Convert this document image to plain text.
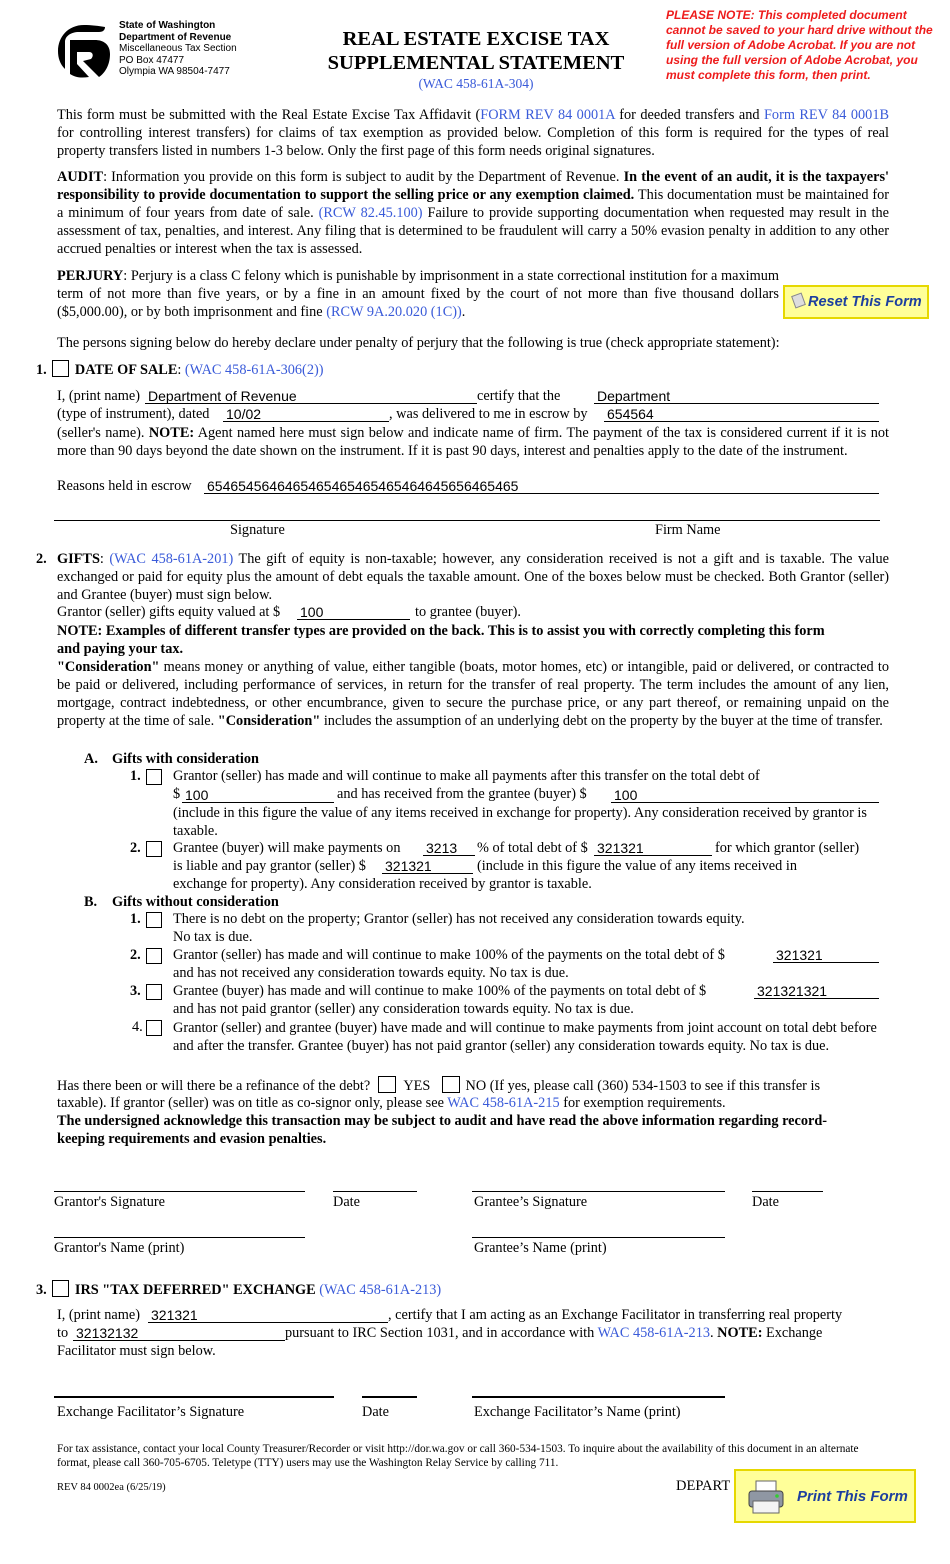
State of Washington
Department of Revenue
Miscellaneous Tax Section
PO Box 47477
Olympia WA 98504-7477
REAL ESTATE EXCISE TAX
SUPPLEMENTAL STATEMENT
(WAC 458-61A-304)
PLEASE NOTE: This completed document cannot be saved to your hard drive without the full version of Adobe Acrobat. If you are not using the full version of Adobe Acrobat, you must complete this form, then print.
This form must be submitted with the Real Estate Excise Tax Affidavit (FORM REV 84 0001A for deeded transfers and Form REV 84 0001B for controlling interest transfers) for claims of tax exemption as provided below. Completion of this form is required for the types of real property transfers listed in numbers 1-3 below. Only the first page of this form needs original signatures.
AUDIT: Information you provide on this form is subject to audit by the Department of Revenue. In the event of an audit, it is the taxpayers' responsibility to provide documentation to support the selling price or any exemption claimed. This documentation must be maintained for a minimum of four years from date of sale. (RCW 82.45.100) Failure to provide supporting documentation when requested may result in the assessment of tax, penalties, and interest. Any filing that is determined to be fraudulent will carry a 50% evasion penalty in addition to any other accrued penalties or interest when the tax is assessed.
PERJURY: Perjury is a class C felony which is punishable by imprisonment in a state correctional institution for a maximum term of not more than five years, or by a fine in an amount fixed by the court of not more than five thousand dollars ($5,000.00), or by both imprisonment and fine (RCW 9A.20.020 (1C)).
Reset This Form
The persons signing below do hereby declare under penalty of perjury that the following is true (check appropriate statement):
1. DATE OF SALE: (WAC 458-61A-306(2))
I, (print name) Department of Revenue	certify that the	Department
(type of instrument), dated 10/02	, was delivered to me in escrow by 654564
(seller's name). NOTE: Agent named here must sign below and indicate name of firm. The payment of the tax is considered current if it is not more than 90 days beyond the date shown on the instrument. If it is past 90 days, interest and penalties apply to the date of the instrument.
Reasons held in escrow 6546545646465465465465465464645656465465
Signature	Firm Name
GIFTS: (WAC 458-61A-201) The gift of equity is non-taxable; however, any consideration received is not a gift and is taxable. The value exchanged or paid for equity plus the amount of debt equals the taxable amount. One of the boxes below must be checked. Both Grantor (seller) and Grantee (buyer) must sign below.
2.
Grantor (seller) gifts equity valued at $ 100	to grantee (buyer).
NOTE: Examples of different transfer types are provided on the back. This is to assist you with correctly completing this form and paying your tax.
"Consideration" means money or anything of value, either tangible (boats, motor homes, etc) or intangible, paid or delivered, or contracted to be paid or delivered, including performance of services, in return for the transfer of real property. The term includes the amount of any lien, mortgage, contract indebtedness, or other encumbrance, given to secure the purchase price, or any part thereof, or remaining unpaid on the property at the time of sale. "Consideration" includes the assumption of an underlying debt on the property by the buyer at the time of transfer.
A. Gifts with consideration
1. Grantor (seller) has made and will continue to make all payments after this transfer on the total debt of
$ 100	and has received from the grantee (buyer) $ 100
(include in this figure the value of any items received in exchange for property). Any consideration received by grantor is taxable.
2. Grantee (buyer) will make payments on 3213	% of total debt of $ 321321	for which grantor (seller)
is liable and pay grantor (seller) $ 321321	(include in this figure the value of any items received in
exchange for property). Any consideration received by grantor is taxable.
B. Gifts without consideration
1. There is no debt on the property; Grantor (seller) has not received any consideration towards equity.
No tax is due.
2. Grantor (seller) has made and will continue to make 100% of the payments on the total debt of $	321321
and has not received any consideration towards equity. No tax is due.
3. Grantee (buyer) has made and will continue to make 100% of the payments on total debt of $	321321321
and has not paid grantor (seller) any consideration towards equity. No tax is due.
4. Grantor (seller) and grantee (buyer) have made and will continue to make payments from joint account on total debt before and after the transfer. Grantee (buyer) has not paid grantor (seller) any consideration towards equity. No tax is due.
Has there been or will there be a refinance of the debt? YES NO (If yes, please call (360) 534-1503 to see if this transfer is
taxable). If grantor (seller) was on title as co-signor only, please see WAC 458-61A-215 for exemption requirements.
The undersigned acknowledge this transaction may be subject to audit and have read the above information regarding record-keeping requirements and evasion penalties.
Grantor's Signature	Date	Grantee’s Signature	Date
Grantor's Name (print)	Grantee’s Name (print)
3. IRS "TAX DEFERRED" EXCHANGE (WAC 458-61A-213)
I, (print name) 321321	, certify that I am acting as an Exchange Facilitator in transferring real property
to 32132132	pursuant to IRC Section 1031, and in accordance with WAC 458-61A-213. NOTE: Exchange
Facilitator must sign below.
Exchange Facilitator’s Signature	Date	Exchange Facilitator’s Name (print)
For tax assistance, contact your local County Treasurer/Recorder or visit http://dor.wa.gov or call 360-534-1503. To inquire about the availability of this document in an alternate format, please call 360-705-6705. Teletype (TTY) users may use the Washington Relay Service by calling 711.
REV 84 0002ea (6/25/19)	DEPART
Print This Form
